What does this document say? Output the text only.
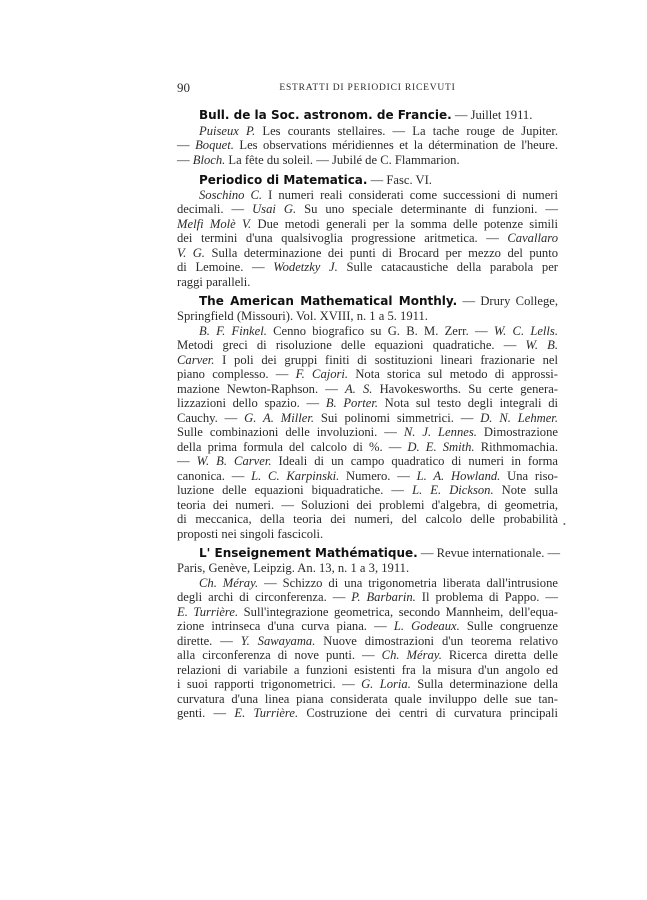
90	ESTRATTI DI PERIODICI RICEVUTI
Bull. de la Soc. astronom. de Francie. — Juillet 1911.
Puiseux P. Les courants stellaires. — La tache rouge de Jupiter.
— Boquet. Les observations méridiennes et la détermination de l'heure.
— Bloch. La fête du soleil. — Jubilé de C. Flammarion.
Periodico di Matematica. — Fasc. VI.
Soschino C. I numeri reali considerati come successioni di numeri
decimali. — Usai G. Su uno speciale determinante di funzioni. —
Melfi Molè V. Due metodi generali per la somma delle potenze simili
dei termini d'una qualsivoglia progressione aritmetica. — Cavallaro
V. G. Sulla determinazione dei punti di Brocard per mezzo del punto
di Lemoine. — Wodetzky J. Sulle catacaustiche della parabola per
raggi paralleli.
The American Mathematical Monthly. — Drury College,
Springfield (Missouri). Vol. XVIII, n. 1 a 5. 1911.
B. F. Finkel. Cenno biografico su G. B. M. Zerr. — W. C. Lells.
Metodi greci di risoluzione delle equazioni quadratiche. — W. B.
Carver. I poli dei gruppi finiti di sostituzioni lineari frazionarie nel
piano complesso. — F. Cajori. Nota storica sul metodo di approssi-
mazione Newton-Raphson. — A. S. Havokesworths. Su certe genera-
lizzazioni dello spazio. — B. Porter. Nota sul testo degli integrali di
Cauchy. — G. A. Miller. Sui polinomi simmetrici. — D. N. Lehmer.
Sulle combinazioni delle involuzioni. — N. J. Lennes. Dimostrazione
della prima formula del calcolo di %. — D. E. Smith. Rithmomachia.
— W. B. Carver. Ideali di un campo quadratico di numeri in forma
canonica. — L. C. Karpinski. Numero. — L. A. Howland. Una riso-
luzione delle equazioni biquadratiche. — L. E. Dickson. Note sulla
teoria dei numeri. — Soluzioni dei problemi d'algebra, di geometria,
di meccanica, della teoria dei numeri, del calcolo delle probabilità
proposti nei singoli fascicoli.
L' Enseignement Mathématique. — Revue internationale. —
Paris, Genève, Leipzig. An. 13, n. 1 a 3, 1911.
Ch. Méray. — Schizzo di una trigonometria liberata dall'intrusione
degli archi di circonferenza. — P. Barbarin. Il problema di Pappo. —
E. Turrière. Sull'integrazione geometrica, secondo Mannheim, dell'equa-
zione intrinseca d'una curva piana. — L. Godeaux. Sulle congruenze
dirette. — Y. Sawayama. Nuove dimostrazioni d'un teorema relativo
alla circonferenza di nove punti. — Ch. Méray. Ricerca diretta delle
relazioni di variabile a funzioni esistenti fra la misura d'un angolo ed
i suoi rapporti trigonometrici. — G. Loria. Sulla determinazione della
curvatura d'una linea piana considerata quale inviluppo delle sue tan-
genti. — E. Turrière. Costruzione dei centri di curvatura principali
•
